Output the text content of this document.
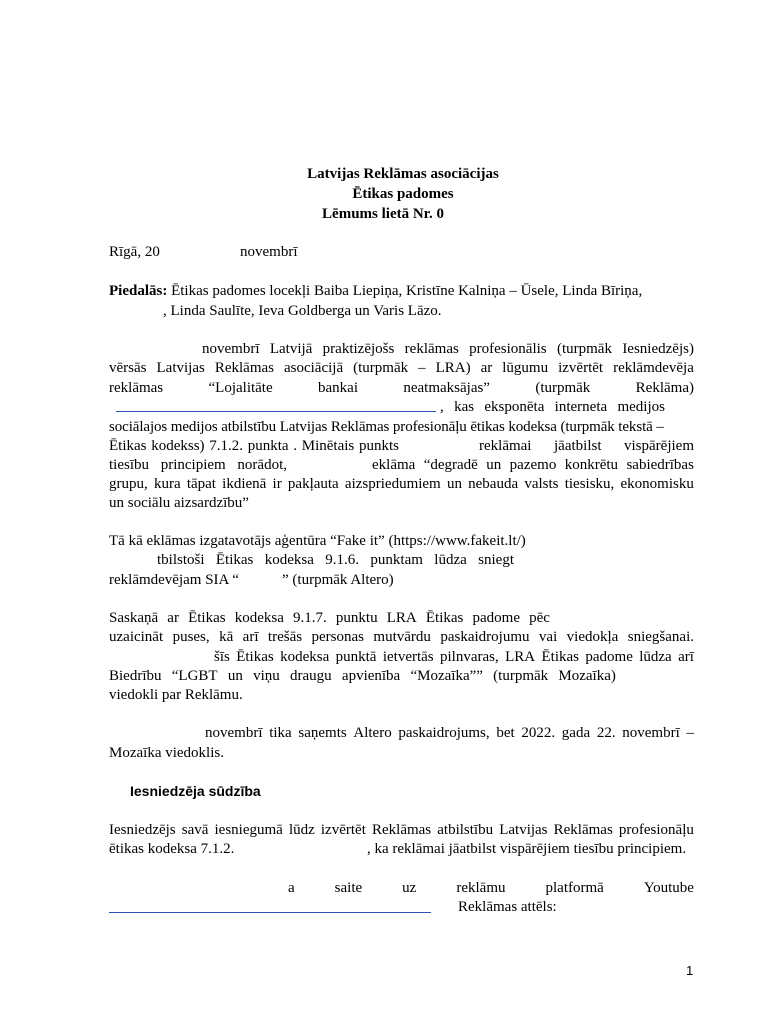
Latvijas Reklāmas asociācijas
Ētikas padomes
Lēmums lietā Nr. 0
Rīgā, 20	novembrī
Piedalās: Ētikas padomes locekļi Baiba Liepiņa, Kristīne Kalniņa – Ūsele, Linda Bīriņa,
, Linda Saulīte, Ieva Goldberga un Varis Lāzo.
novembrī Latvijā praktizējošs reklāmas profesionālis (turpmāk Iesniedzējs)
vērsās Latvijas Reklāmas asociācijā (turpmāk – LRA) ar lūgumu izvērtēt reklāmdevēja
reklāmas	“Lojalitāte	bankai	neatmaksājas”	(turpmāk	Reklāma)
, kas eksponēta interneta medijos
sociālajos medijos atbilstību Latvijas Reklāmas profesionāļu ētikas kodeksa (turpmāk tekstā –
Ētikas kodekss) 7.1.2. punkta . Minētais punkts	reklāmai jāatbilst vispārējiem
tiesību principiem norādot,	eklāma “degradē un pazemo konkrētu sabiedrības
grupu, kura tāpat ikdienā ir pakļauta aizspriedumiem un nebauda valsts tiesisku, ekonomisku
un sociālu aizsardzību”
Tā kā eklāmas izgatavotājs aģentūra “Fake it” (https://www.fakeit.lt/)
tbilstoši Ētikas kodeksa 9.1.6. punktam lūdza sniegt
reklāmdevējam SIA “	” (turpmāk Altero)
Saskaņā ar Ētikas kodeksa 9.1.7. punktu LRA Ētikas padome pēc
uzaicināt puses, kā arī trešās personas mutvārdu paskaidrojumu vai viedokļa sniegšanai.
šīs Ētikas kodeksa punktā ietvertās pilnvaras, LRA Ētikas padome lūdza arī
Biedrību “LGBT un viņu draugu apvienība “Mozaīka”” (turpmāk Mozaīka)
viedokli par Reklāmu.
novembrī tika saņemts Altero paskaidrojums, bet 2022. gada 22. novembrī –
Mozaīka viedoklis.
Iesniedzēja sūdzība
Iesniedzējs savā iesniegumā lūdz izvērtēt Reklāmas atbilstību Latvijas Reklāmas profesionāļu
ētikas kodeksa 7.1.2.	, ka reklāmai jāatbilst vispārējiem tiesību principiem.
a	saite	uz	reklāmu	platformā	Youtube
Reklāmas attēls:
1
